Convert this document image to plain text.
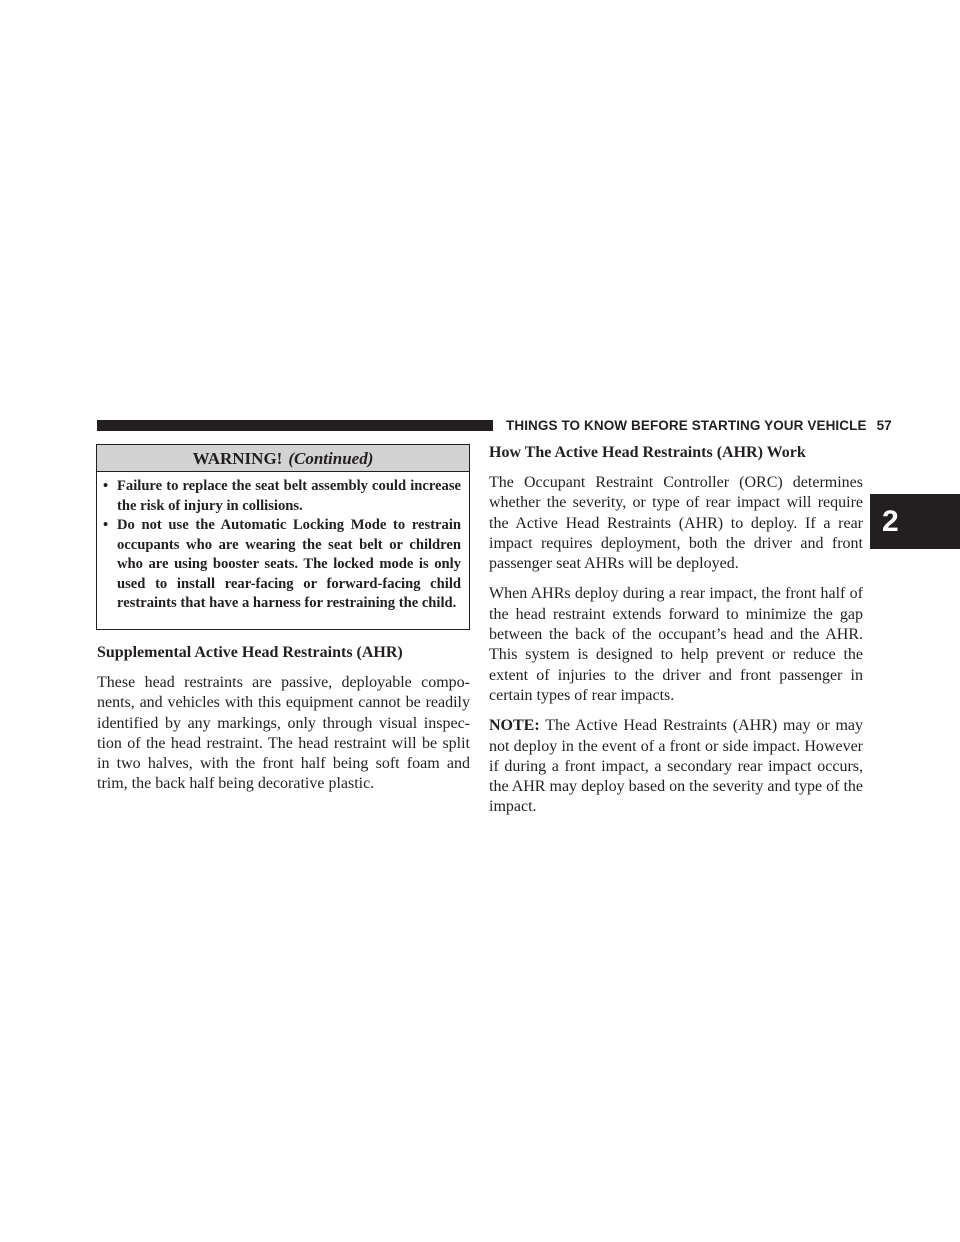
THINGS TO KNOW BEFORE STARTING YOUR VEHICLE 57
2
WARNING! (Continued)
• Failure to replace the seat belt assembly could increase the risk of injury in collisions.
• Do not use the Automatic Locking Mode to restrain occupants who are wearing the seat belt or children who are using booster seats. The locked mode is only used to install rear-facing or forward-facing child restraints that have a harness for restraining the child.
Supplemental Active Head Restraints (AHR)

These head restraints are passive, deployable components, and vehicles with this equipment cannot be readily identified by any markings, only through visual inspection of the head restraint. The head restraint will be split in two halves, with the front half being soft foam and trim, the back half being decorative plastic.

How The Active Head Restraints (AHR) Work

The Occupant Restraint Controller (ORC) determines whether the severity, or type of rear impact will require the Active Head Restraints (AHR) to deploy. If a rear impact requires deployment, both the driver and front passenger seat AHRs will be deployed.

When AHRs deploy during a rear impact, the front half of the head restraint extends forward to minimize the gap between the back of the occupant’s head and the AHR. This system is designed to help prevent or reduce the extent of injuries to the driver and front passenger in certain types of rear impacts.

NOTE: The Active Head Restraints (AHR) may or may not deploy in the event of a front or side impact. However if during a front impact, a secondary rear impact occurs, the AHR may deploy based on the severity and type of the impact.
